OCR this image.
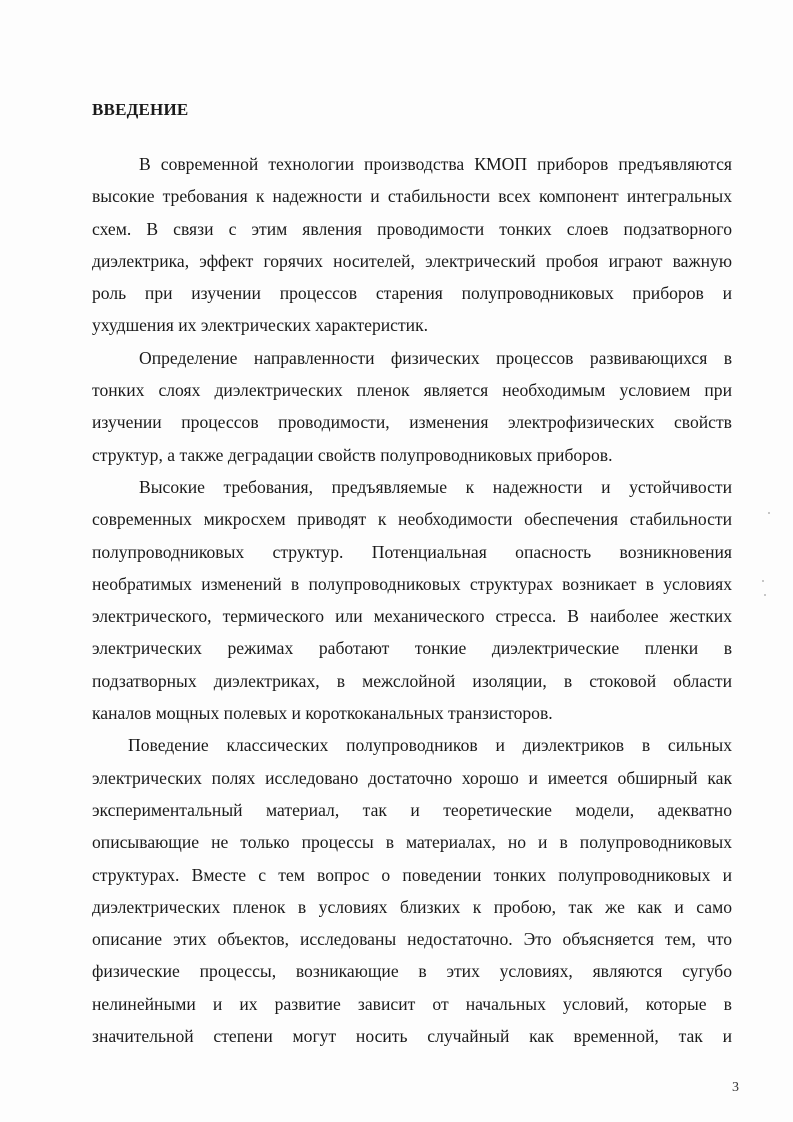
ВВЕДЕНИЕ

В современной технологии производства КМОП приборов предъявляются
высокие требования к надежности и стабильности всех компонент интегральных
схем. В связи с этим явления проводимости тонких слоев подзатворного
диэлектрика, эффект горячих носителей, электрический пробоя играют важную
роль при изучении процессов старения полупроводниковых приборов и
ухудшения их электрических характеристик.

Определение направленности физических процессов развивающихся в
тонких слоях диэлектрических пленок является необходимым условием при
изучении процессов проводимости, изменения электрофизических свойств
структур, а также деградации свойств полупроводниковых приборов.

Высокие требования, предъявляемые к надежности и устойчивости
современных микросхем приводят к необходимости обеспечения стабильности
полупроводниковых структур. Потенциальная опасность возникновения
необратимых изменений в полупроводниковых структурах возникает в условиях
электрического, термического или механического стресса. В наиболее жестких
электрических режимах работают тонкие диэлектрические пленки в
подзатворных диэлектриках, в межслойной изоляции, в стоковой области
каналов мощных полевых и короткоканальных транзисторов.

Поведение классических полупроводников и диэлектриков в сильных
электрических полях исследовано достаточно хорошо и имеется обширный как
экспериментальный материал, так и теоретические модели, адекватно
описывающие не только процессы в материалах, но и в полупроводниковых
структурах. Вместе с тем вопрос о поведении тонких полупроводниковых и
диэлектрических пленок в условиях близких к пробою, так же как и само
описание этих объектов, исследованы недостаточно. Это объясняется тем, что
физические процессы, возникающие в этих условиях, являются сугубо
нелинейными и их развитие зависит от начальных условий, которые в
значительной степени могут носить случайный как временной, так и

3
